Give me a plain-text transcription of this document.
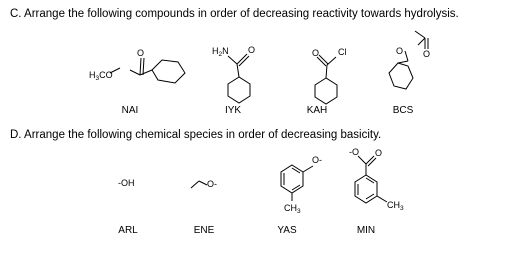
C. Arrange the following compounds in order of decreasing reactivity towards hydrolysis.
D. Arrange the following chemical species in order of decreasing basicity.
$H_3CO$
O	$H_2N$ O	O Cl	O O
NAI	IYK	KAH	BCS
-OH	O-
O-
$CH_3$
-O O
$CH_3$
ARL	ENE	YAS	MIN
